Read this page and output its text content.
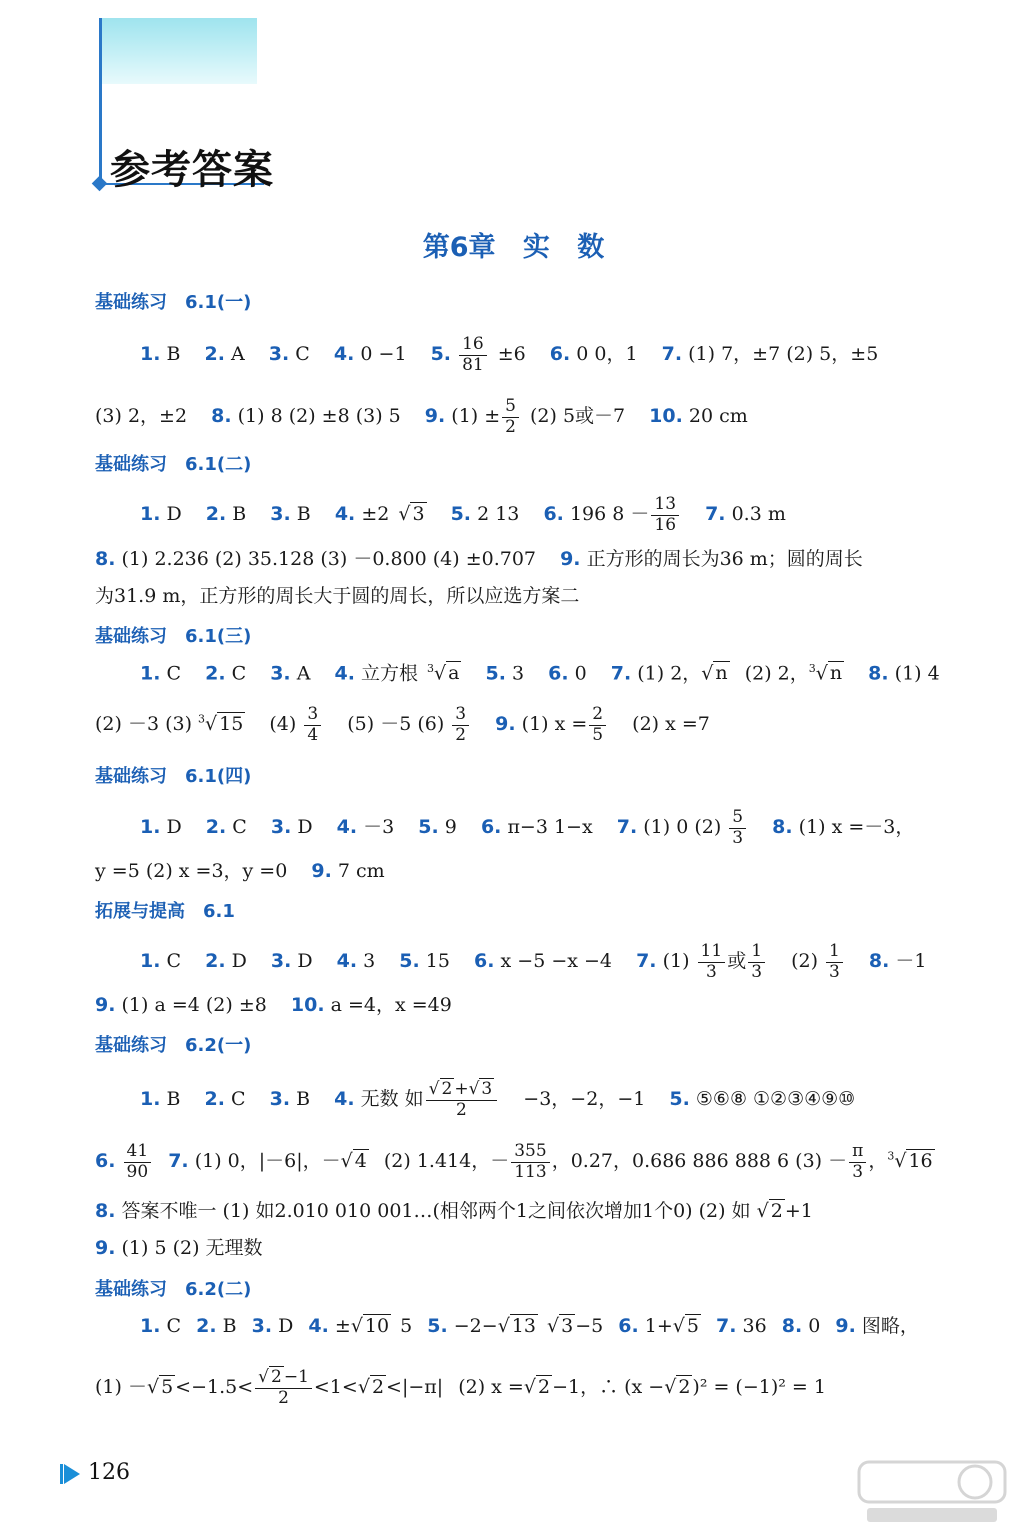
参考答案
第6章 实 数
基础练习 6.1(一)
1. B 2. A 3. C 4. 0 −1 5. $\frac{16}{81} \pm 6$ 6. 0 0，1 7. (1) 7，±7 (2) 5，±5
(3) 2，±2 8. (1) 8 (2) ±8 (3) 5 9. $(1) \pm \frac{5}{2} (2)$ 5或－7 10. 20 cm
基础练习 6.1(二)
1. D 2. B 3. B 4. ±2 √ 3 5. 2 13 6. 196 $8 - \frac{13}{16} 7$. 0.3 m
8. (1) 2.236 (2) 35.128 (3) －0.800 (4) ±0.707 9. 正方形的周长为36 m；圆的周长
为31.9 m，正方形的周长大于圆的周长，所以应选方案二
基础练习 6.1(三)
1. C 2. C 3. A 4. 立方根 $^3$√ a 5. 3 6. 0 7. (1) 2，√ n (2) 2，$^3$√ n 8. (1) 4
(2) －3 (3) $^3$√ 15 $(4) \frac{3}{4} (5) -5$ $(6) \frac{3}{2} 9$. (1) $x = \frac{2}{5} (2)$ x =7
基础练习 6.1(四)
1. D 2. C 3. D 4. －3 5. 9 6. π−3 1−x 7. (1) 0 $(2) \frac{5}{3} 8$. (1) x =－3，
y =5 (2) x =3，y =0 9. 7 cm
拓展与提高 6.1
1. C 2. D 3. D 4. 3 5. 15 6. x −5 −x −4 7. $(1) \frac{11}{3}$ 或 $\frac{1}{3} (2) \frac{1}{3} 8$. －1
9. (1) a =4 (2) ±8 10. a =4，x =49
基础练习 6.2(一)
1. B 2. C 3. B 4. 无数 如 $\frac{√ 2 +√ 3}{2} -3$，−2，−1 5. ⑤⑥⑧ ①②③④⑨⑩
6. $\frac{41}{90} 7$. (1) 0，|－6|，－√ 4 (2) 1.414，－ $\frac{355}{113}$ ，0.27，0.686 886 888 6 $(3) - \frac{\pi}{3}$ ，$^3$√ 16
8. 答案不唯一 (1) 如2.010 010 001…(相邻两个1之间依次增加1个0) (2) 如 √ 2 +1
9. (1) 5 (2) 无理数
基础练习 6.2(二)
1. C 2. B 3. D 4. ±√ 10 5 5. −2−√ 13 √ 3 −5 6. 1+√ 5 7. 36 8. 0 9. 图略，
(1) －√ $5 <-1.5< \frac{√ 2 -1}{2} <1<√$ 2 <|−π| (2) x =√ 2 −1，∴ (x −√ 2 )² = (−1)² = 1
126
